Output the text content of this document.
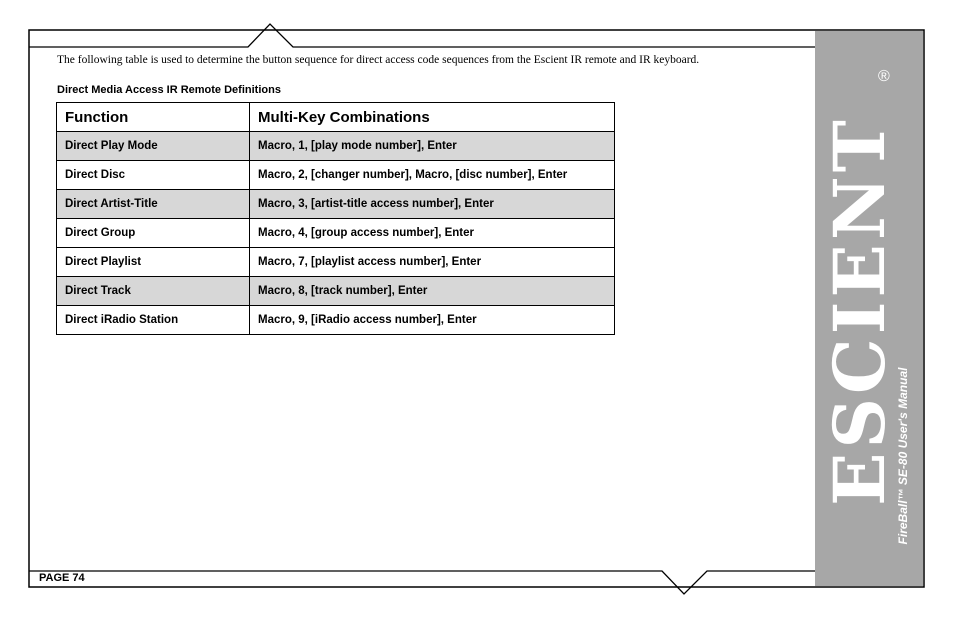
ESCIENT
®
FireBall™ SE-80 User's Manual
The following table is used to determine the button sequence for direct access code sequences from the Escient IR remote and IR keyboard.
Direct Media Access IR Remote Definitions
Function	Multi-Key Combinations
Direct Play Mode	Macro, 1, [play mode number], Enter
Direct Disc	Macro, 2, [changer number], Macro, [disc number], Enter
Direct Artist-Title	Macro, 3, [artist-title access number], Enter
Direct Group	Macro, 4, [group access number], Enter
Direct Playlist	Macro, 7, [playlist access number], Enter
Direct Track	Macro, 8, [track number], Enter
Direct iRadio Station	Macro, 9, [iRadio access number], Enter
PAGE 74
